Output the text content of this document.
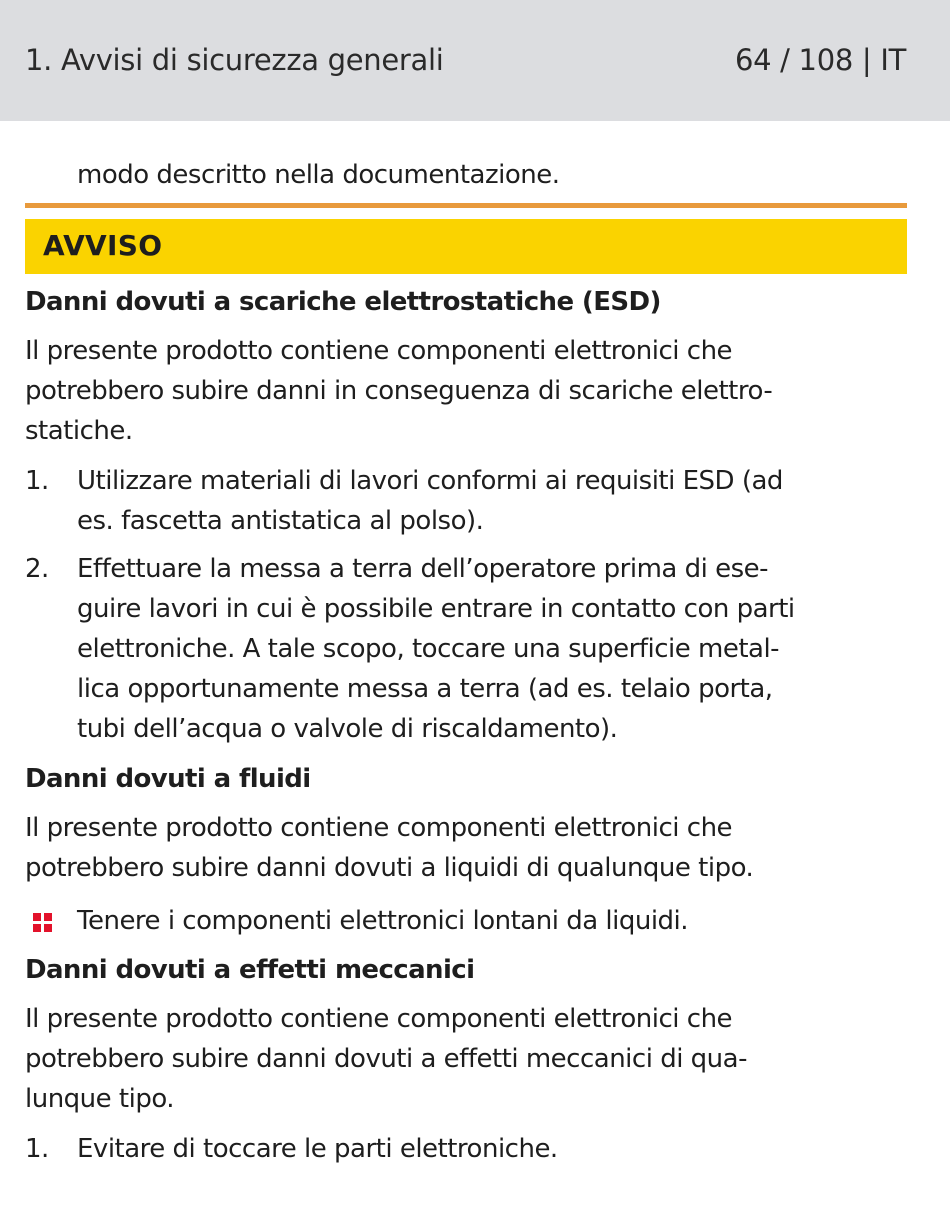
1. Avvisi di sicurezza generali	64 / 108 | IT

modo descritto nella documentazione.

AVVISO

Danni dovuti a scariche elettrostatiche (ESD)

Il presente prodotto contiene componenti elettronici che

potrebbero subire danni in conseguenza di scariche elettro-

statiche.

1. Utilizzare materiali di lavori conformi ai requisiti ESD (ad

es. fascetta antistatica al polso).

2. Effettuare la messa a terra dell’operatore prima di ese-

guire lavori in cui è possibile entrare in contatto con parti

elettroniche. A tale scopo, toccare una superficie metal-

lica opportunamente messa a terra (ad es. telaio porta,

tubi dell’acqua o valvole di riscaldamento).

Danni dovuti a fluidi

Il presente prodotto contiene componenti elettronici che

potrebbero subire danni dovuti a liquidi di qualunque tipo.

Tenere i componenti elettronici lontani da liquidi.

Danni dovuti a effetti meccanici

Il presente prodotto contiene componenti elettronici che

potrebbero subire danni dovuti a effetti meccanici di qua-

lunque tipo.

1. Evitare di toccare le parti elettroniche.
